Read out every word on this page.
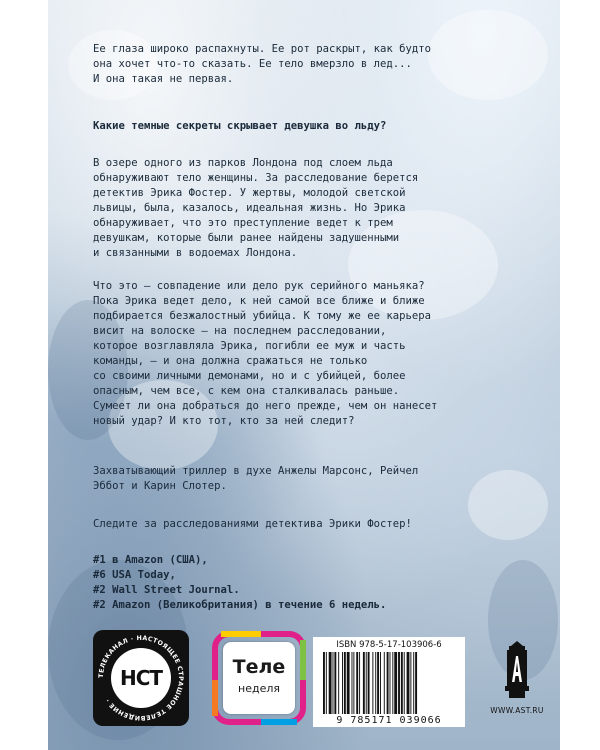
Ее глаза широко распахнуты. Ее рот раскрыт, как будто
она хочет что-то сказать. Ее тело вмерзло в лед...
И она такая не первая.
Какие темные секреты скрывает девушка во льду?
В озере одного из парков Лондона под слоем льда
обнаруживают тело женщины. За расследование берется
детектив Эрика Фостер. У жертвы, молодой светской
львицы, была, казалось, идеальная жизнь. Но Эрика
обнаруживает, что это преступление ведет к трем
девушкам, которые были ранее найдены задушенными
и связанными в водоемах Лондона.
Что это — совпадение или дело рук серийного маньяка?
Пока Эрика ведет дело, к ней самой все ближе и ближе
подбирается безжалостный убийца. К тому же ее карьера
висит на волоске — на последнем расследовании,
которое возглавляла Эрика, погибли ее муж и часть
команды, — и она должна сражаться не только
со своими личными демонами, но и с убийцей, более
опасным, чем все, с кем она сталкивалась раньше.
Сумеет ли она добраться до него прежде, чем он нанесет
новый удар? И кто тот, кто за ней следит?
Захватывающий триллер в духе Анжелы Марсонс, Рейчел
Эббот и Карин Слотер.
Следите за расследованиями детектива Эрики Фостер!
#1 в Amazon (США),
#6 USA Today,
#2 Wall Street Journal.
#2 Amazon (Великобритания) в течение 6 недель.
ТЕЛЕКАНАЛ · НАСТОЯЩЕЕ СТРАШНОЕ ТЕЛЕВИДЕНИЕ ·
НСТ	Теле
неделя
ISBN 978-5-17-103906-6
9 785171 039066
WWW.AST.RU
